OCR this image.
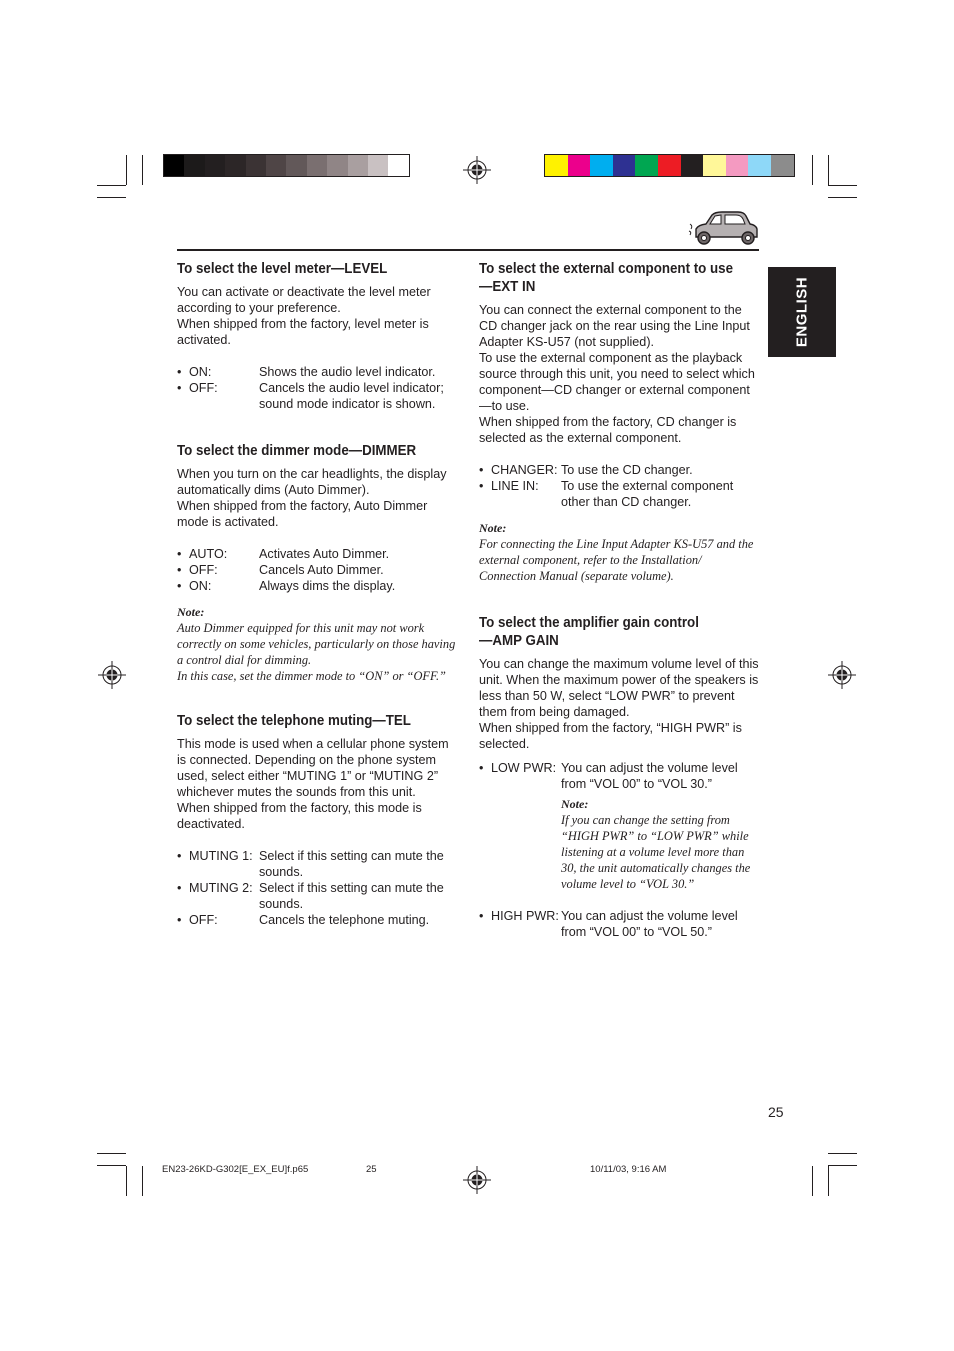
ENGLISH
To select the level meter—LEVEL

You can activate or deactivate the level meter according to your preference.

When shipped from the factory, level meter is activated.

• ON:	Shows the audio level indicator.
• OFF:	Cancels the audio level indicator; sound mode indicator is shown.
To select the dimmer mode—DIMMER

When you turn on the car headlights, the display automatically dims (Auto Dimmer).

When shipped from the factory, Auto Dimmer mode is activated.

• AUTO:	Activates Auto Dimmer.
• OFF:	Cancels Auto Dimmer.
• ON:	Always dims the display.
Note:
Auto Dimmer equipped for this unit may not work correctly on some vehicles, particularly on those having a control dial for dimming.
In this case, set the dimmer mode to “ON” or “OFF.”
To select the telephone muting—TEL

This mode is used when a cellular phone system is connected. Depending on the phone system used, select either “MUTING 1” or “MUTING 2” whichever mutes the sounds from this unit.

When shipped from the factory, this mode is deactivated.

• MUTING 1: Select if this setting can mute the sounds.
• MUTING 2: Select if this setting can mute the sounds.
• OFF:	Cancels the telephone muting.
To select the external component to use
—EXT IN

You can connect the external component to the CD changer jack on the rear using the Line Input Adapter KS-U57 (not supplied).

To use the external component as the playback source through this unit, you need to select which component—CD changer or external component—to use.

When shipped from the factory, CD changer is selected as the external component.

• CHANGER: To use the CD changer.
• LINE IN:	To use the external component other than CD changer.
Note:
For connecting the Line Input Adapter KS-U57 and the external component, refer to the Installation/ Connection Manual (separate volume).
To select the amplifier gain control
—AMP GAIN

You can change the maximum volume level of this unit. When the maximum power of the speakers is less than 50 W, select “LOW PWR” to prevent them from being damaged.

When shipped from the factory, “HIGH PWR” is selected.

• LOW PWR: You can adjust the volume level from “VOL 00” to “VOL 30.”
Note:
If you can change the setting from “HIGH PWR” to “LOW PWR” while listening at a volume level more than 30, the unit automatically changes the volume level to “VOL 30.”
• HIGH PWR: You can adjust the volume level from “VOL 00” to “VOL 50.”
25
EN23-26KD-G302[E_EX_EU]f.p65	25	10/11/03, 9:16 AM
